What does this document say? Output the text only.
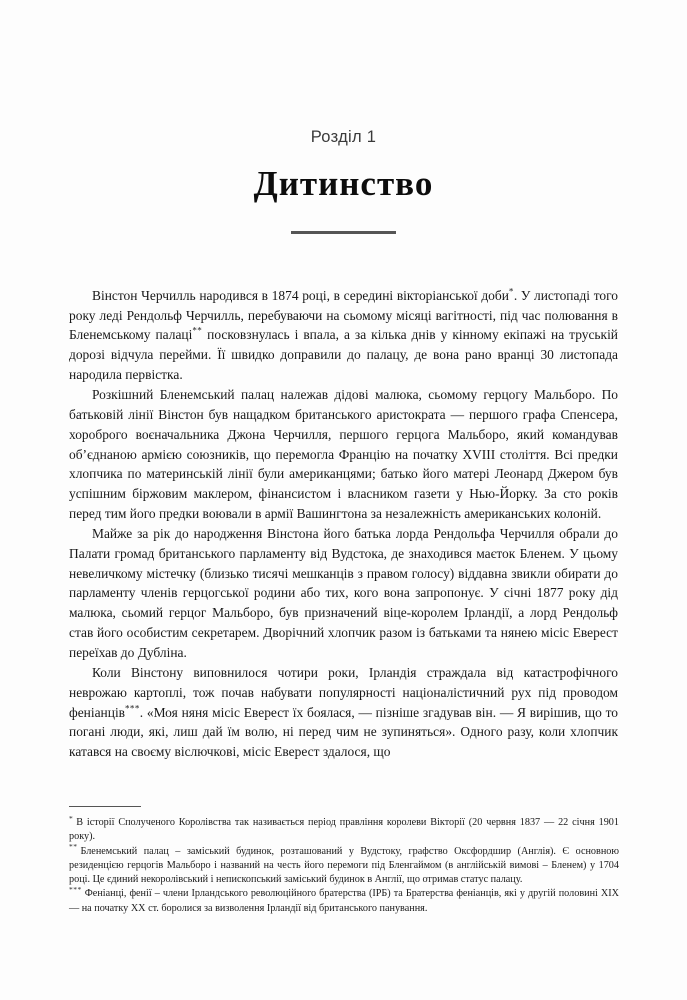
Розділ 1
Дитинство

Вінстон Черчилль народився в 1874 році, в середині вікторіанської доби*. У листопаді того року леді Рендольф Черчилль, перебуваючи на сьомому місяці вагітності, під час полювання в Бленемському палаці** посковзнулась і впала, а за кілька днів у кінному екіпажі на труській дорозі відчула перейми. Її швидко доправили до палацу, де вона рано вранці 30 листопада народила первістка.

Розкішний Бленемський палац належав дідові малюка, сьомому герцогу Мальборо. По батьковій лінії Вінстон був нащадком британського аристократа — першого графа Спенсера, хороброго воєначальника Джона Черчилля, першого герцога Мальборо, який командував об’єднаною армією союзників, що перемогла Францію на початку XVIII століття. Всі предки хлопчика по материнській лінії були американцями; батько його матері Леонард Джером був успішним біржовим маклером, фінансистом і власником газети у Нью-Йорку. За сто років перед тим його предки воювали в армії Вашингтона за незалежність американських колоній.

Майже за рік до народження Вінстона його батька лорда Рендольфа Черчилля обрали до Палати громад британського парламенту від Вудстока, де знаходився маєток Бленем. У цьому невеличкому містечку (близько тисячі мешканців з правом голосу) віддавна звикли обирати до парламенту членів герцогської родини або тих, кого вона запропонує. У січні 1877 року дід малюка, сьомий герцог Мальборо, був призначений віце-королем Ірландії, а лорд Рендольф став його особистим секретарем. Дворічний хлопчик разом із батьками та нянею місіс Еверест переїхав до Дубліна.

Коли Вінстону виповнилося чотири роки, Ірландія страждала від катастрофічного неврожаю картоплі, тож почав набувати популярності націоналістичний рух під проводом феніанців***. «Моя няня місіс Еверест їх боялася, — пізніше згадував він. — Я вирішив, що то погані люди, які, лиш дай їм волю, ні перед чим не зупиняться». Одного разу, коли хлопчик катався на своєму віслючкові, місіс Еверест здалося, що

* В історії Сполученого Королівства так називається період правління королеви Вікторії (20 червня 1837 — 22 січня 1901 року).

** Бленемський палац – заміський будинок, розташований у Вудстоку, графство Оксфордшир (Англія). Є основною резиденцією герцогів Мальборо і названий на честь його перемоги під Бленгаймом (в англійській вимові – Бленем) у 1704 році. Це єдиний некоролівський і непископський заміський будинок в Англії, що отримав статус палацу.

*** Феніанці, фенії – члени Ірландського революційного братерства (ІРБ) та Братерства феніанців, які у другій половині XIX — на початку XX ст. боролися за визволення Ірландії від британського панування.
